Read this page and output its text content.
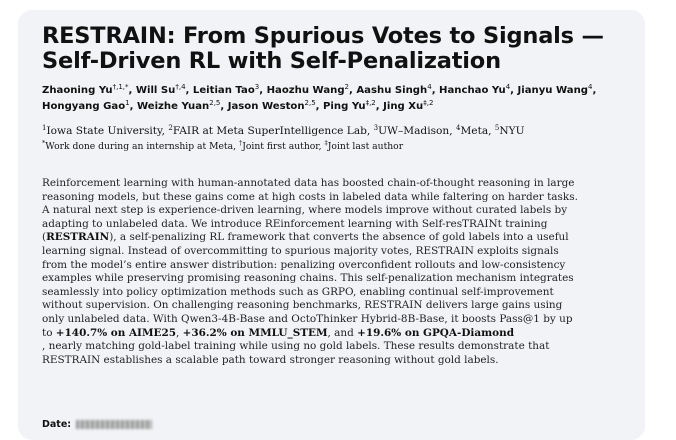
RESTRAIN: From Spurious Votes to Signals —
Self-Driven RL with Self-Penalization
Zhaoning $Yu^{\dagger,1,*}$, Will $Su^{\dagger,4}$, Leitian Tao$^3$, Haozhu Wang$^2$, Aashu Singh$^4$, Hanchao Yu$^4$, Jianyu Wang$^4$,
Hongyang Gao$^1$, Weizhe Yuan$^{2,5}$, Jason Weston$^{2,5}$, Ping $Yu^{\ddagger,2}$, Jing $Xu^{\ddagger,2}$
$^1$Iowa State University, $^2$FAIR at Meta SuperIntelligence Lab, $^3$UW–Madison, $^4$Meta, $^5$NYU
*Work done during an internship at Meta, †Joint first author, ‡Joint last author
Reinforcement learning with human-annotated data has boosted chain-of-thought reasoning in large
reasoning models, but these gains come at high costs in labeled data while faltering on harder tasks.
A natural next step is experience-driven learning, where models improve without curated labels by
adapting to unlabeled data. We introduce REinforcement learning with Self-resTRAINt training
(RESTRAIN), a self-penalizing RL framework that converts the absence of gold labels into a useful
learning signal. Instead of overcommitting to spurious majority votes, RESTRAIN exploits signals
from the model’s entire answer distribution: penalizing overconfident rollouts and low-consistency
examples while preserving promising reasoning chains. This self-penalization mechanism integrates
seamlessly into policy optimization methods such as GRPO, enabling continual self-improvement
without supervision. On challenging reasoning benchmarks, RESTRAIN delivers large gains using
only unlabeled data. With Qwen3-4B-Base and OctoThinker Hybrid-8B-Base, it boosts Pass@1 by up
to +140.7% on AIME25, +36.2% on MMLU_STEM, and +19.6% on GPQA-Diamond
, nearly matching gold-label training while using no gold labels. These results demonstrate that
RESTRAIN establishes a scalable path toward stronger reasoning without gold labels.
Date:
